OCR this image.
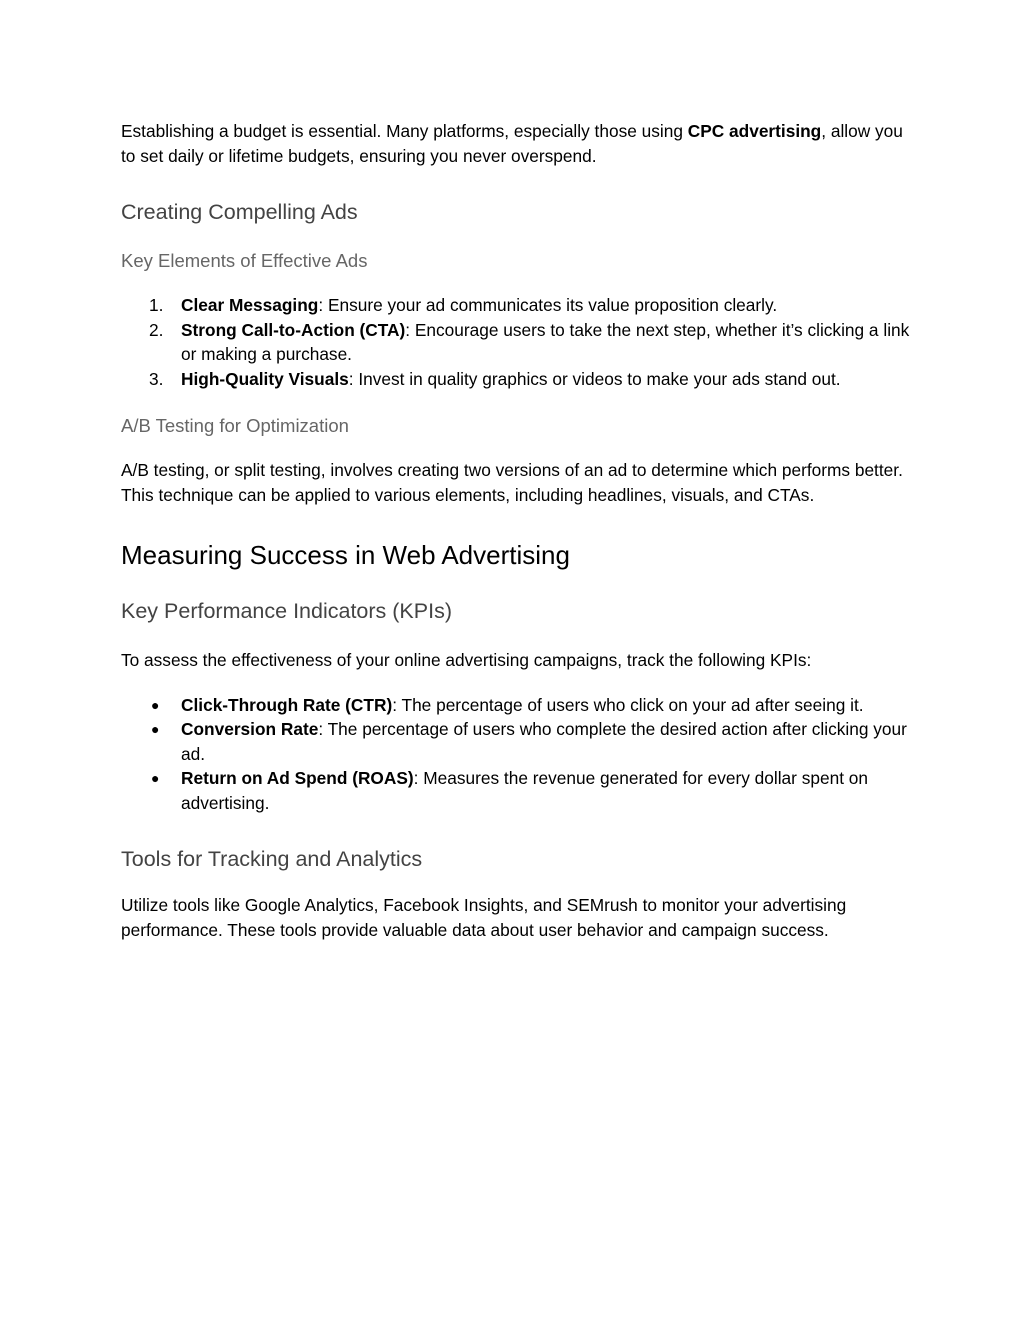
Establishing a budget is essential. Many platforms, especially those using CPC advertising, allow you to set daily or lifetime budgets, ensuring you never overspend.

Creating Compelling Ads
Key Elements of Effective Ads
1. Clear Messaging: Ensure your ad communicates its value proposition clearly.
2. Strong Call-to-Action (CTA): Encourage users to take the next step, whether it’s clicking a link or making a purchase.
3. High-Quality Visuals: Invest in quality graphics or videos to make your ads stand out.
A/B Testing for Optimization

A/B testing, or split testing, involves creating two versions of an ad to determine which performs better. This technique can be applied to various elements, including headlines, visuals, and CTAs.

Measuring Success in Web Advertising
Key Performance Indicators (KPIs)

To assess the effectiveness of your online advertising campaigns, track the following KPIs:

● Click-Through Rate (CTR): The percentage of users who click on your ad after seeing it.
● Conversion Rate: The percentage of users who complete the desired action after clicking your ad.
● Return on Ad Spend (ROAS): Measures the revenue generated for every dollar spent on advertising.
Tools for Tracking and Analytics

Utilize tools like Google Analytics, Facebook Insights, and SEMrush to monitor your advertising performance. These tools provide valuable data about user behavior and campaign success.
